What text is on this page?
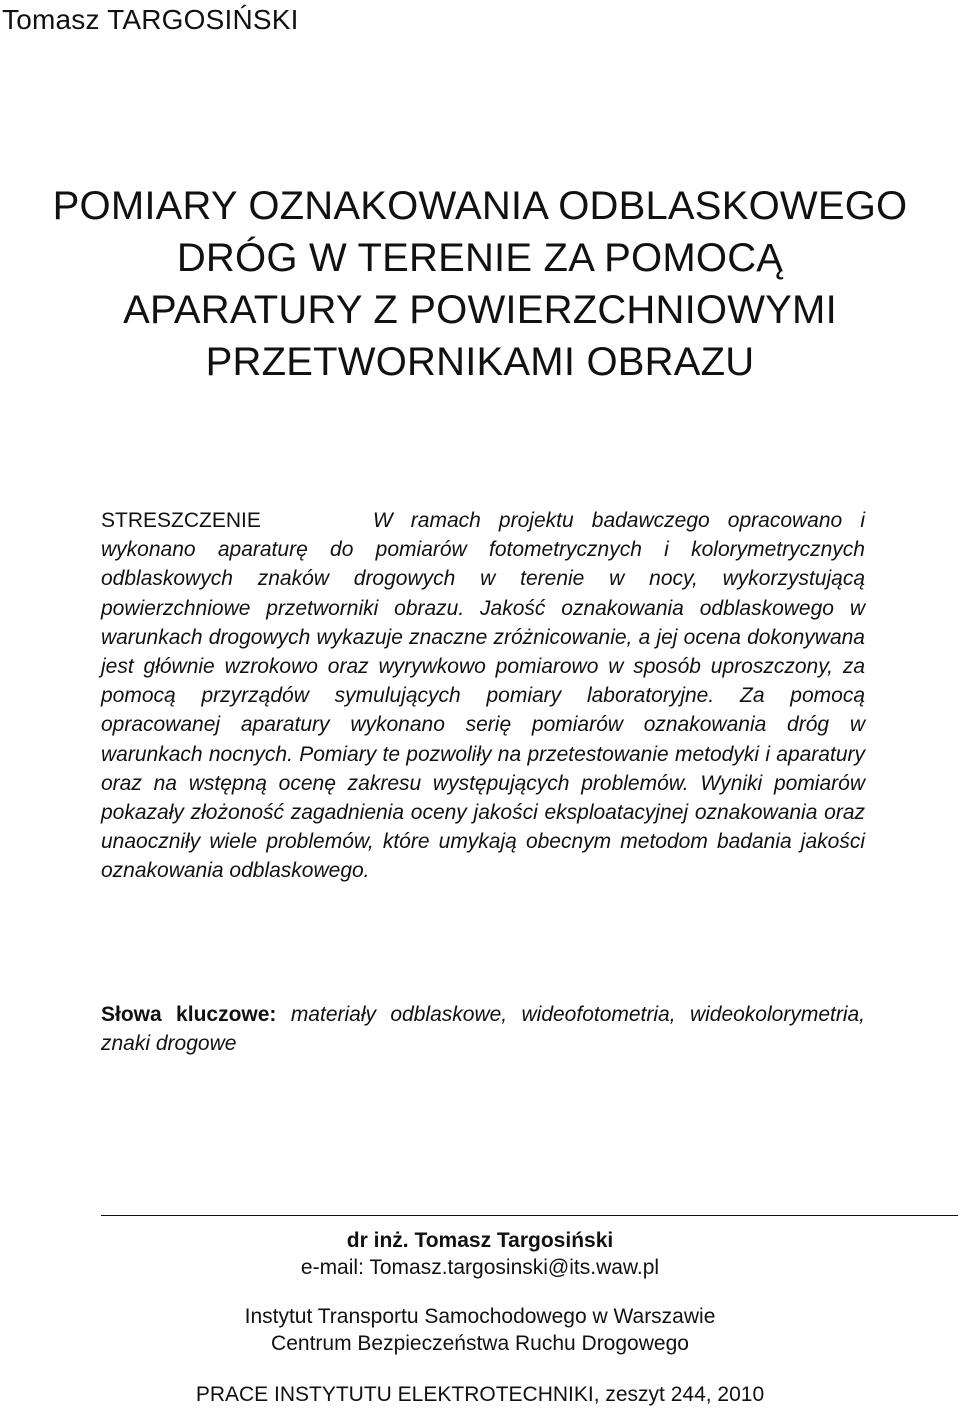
Tomasz TARGOSIŃSKI
POMIARY OZNAKOWANIA ODBLASKOWEGO
DRÓG W TERENIE ZA POMOCĄ
APARATURY Z POWIERZCHNIOWYMI
PRZETWORNIKAMI OBRAZU

STRESZCZENIE	W ramach projektu badawczego opracowano i wykonano aparaturę do pomiarów fotometrycznych i kolorymetrycznych odblaskowych znaków drogowych w terenie w nocy, wykorzystującą powierzchniowe przetworniki obrazu. Jakość oznakowania odblaskowego w warunkach drogowych wykazuje znaczne zróżnicowanie, a jej ocena dokonywana jest głównie wzrokowo oraz wyrywkowo pomiarowo w sposób uproszczony, za pomocą przyrządów symulujących pomiary laboratoryjne. Za pomocą opracowanej aparatury wykonano serię pomiarów oznakowania dróg w warunkach nocnych. Pomiary te pozwoliły na przetestowanie metodyki i aparatury oraz na wstępną ocenę zakresu występujących problemów. Wyniki pomiarów pokazały złożoność zagadnienia oceny jakości eksploatacyjnej oznakowania oraz unaoczniły wiele problemów, które umykają obecnym metodom badania jakości oznakowania odblaskowego.

Słowa kluczowe: materiały odblaskowe, wideofotometria, wideokolorymetria, znaki drogowe

dr inż. Tomasz Targosiński
e-mail: Tomasz.targosinski@its.waw.pl
Instytut Transportu Samochodowego w Warszawie
Centrum Bezpieczeństwa Ruchu Drogowego
PRACE INSTYTUTU ELEKTROTECHNIKI, zeszyt 244, 2010
